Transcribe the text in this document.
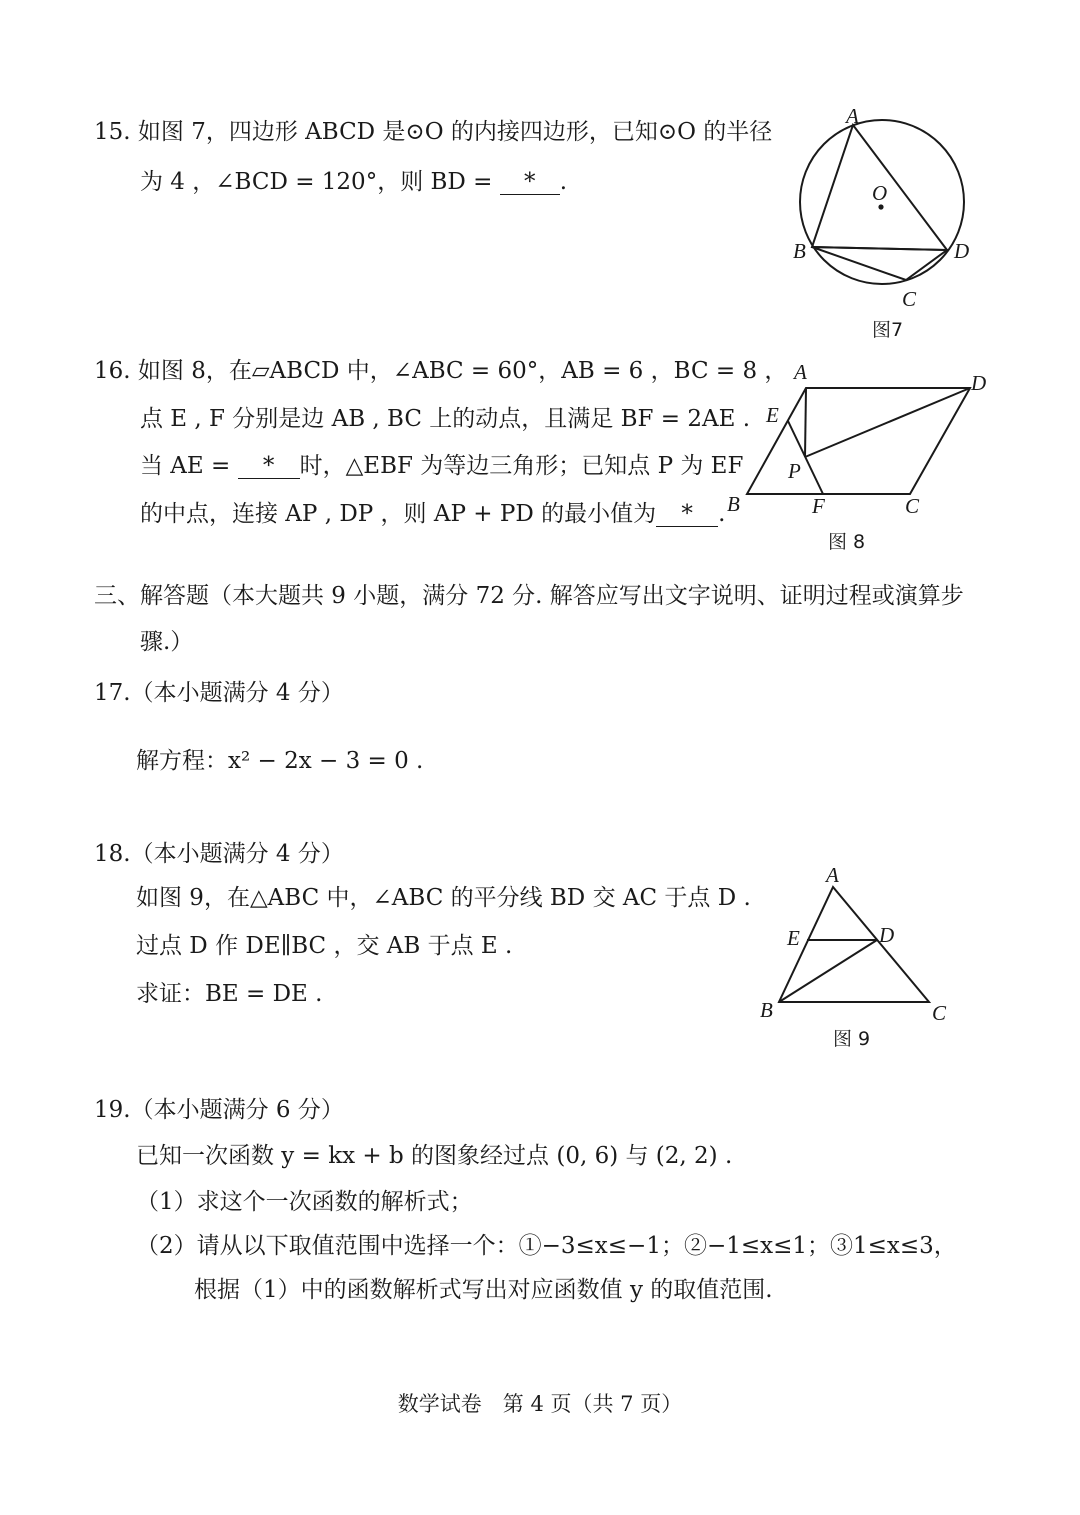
15. 如图 7，四边形 ABCD 是⊙O 的内接四边形，已知⊙O 的半径
为 4 ，∠BCD = 120°，则 BD = * .
A
B
C
D
O
图7
16. 如图 8，在▱ABCD 中，∠ABC = 60°，AB = 6 ，BC = 8 ，
点 E , F 分别是边 AB , BC 上的动点，且满足 BF = 2AE .
当 AE = * 时，△EBF 为等边三角形；已知点 P 为 EF
的中点，连接 AP , DP ，则 AP + PD 的最小值为 * .
A	D
E
P
B	F	C
图 8
三、解答题（本大题共 9 小题，满分 72 分. 解答应写出文字说明、证明过程或演算步
骤.）
17.（本小题满分 4 分）
解方程：x² − 2x − 3 = 0 .
18.（本小题满分 4 分）
如图 9，在△ABC 中，∠ABC 的平分线 BD 交 AC 于点 D .
过点 D 作 DE∥BC ，交 AB 于点 E .
求证：BE = DE .
A
E	D
B	C
图 9
19.（本小题满分 6 分）
已知一次函数 y = kx + b 的图象经过点 (0, 6) 与 (2, 2) .
（1）求这个一次函数的解析式；
（2）请从以下取值范围中选择一个：①−3≤x≤−1；②−1≤x≤1；③1≤x≤3，
根据（1）中的函数解析式写出对应函数值 y 的取值范围.
数学试卷　第 4 页（共 7 页）
